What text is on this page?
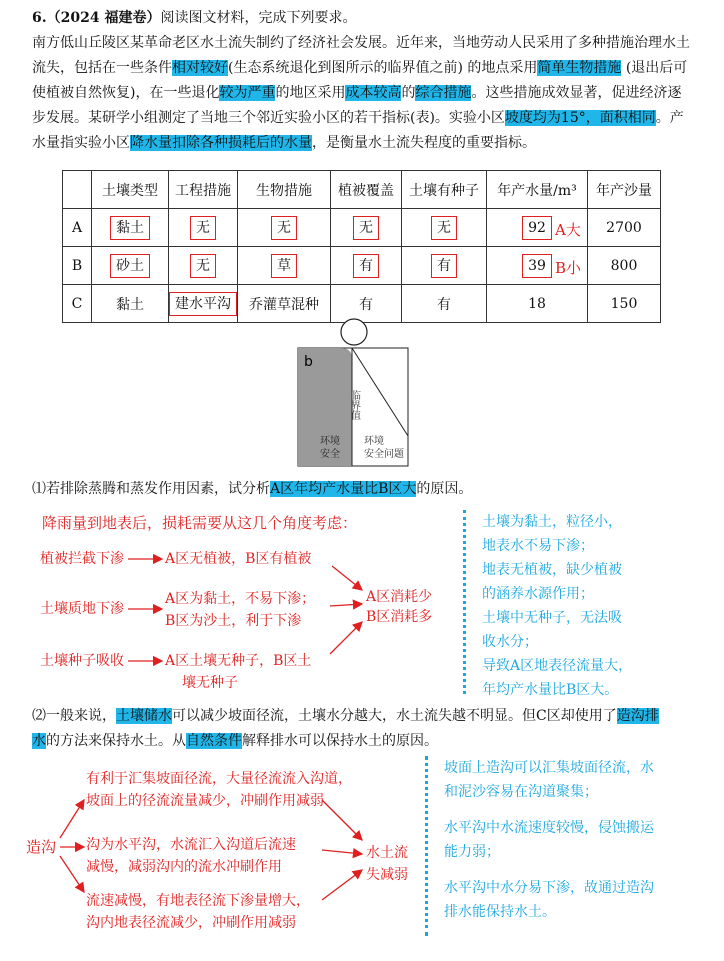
6.（2024 福建卷）阅读图文材料，完成下列要求。
南方低山丘陵区某革命老区水土流失制约了经济社会发展。近年来，当地劳动人民采用了多种措施治理水土
流失，包括在一些条件相对较好(生态系统退化到图所示的临界值之前) 的地点采用简单生物措施 (退出后可
使植被自然恢复)，在一些退化较为严重的地区采用成本较高的综合措施。这些措施成效显著，促进经济逐
步发展。某研学小组测定了当地三个邻近实验小区的若干指标(表)。实验小区坡度均为15°，面积相同。产
水量指实验小区降水量扣除各种损耗后的水量，是衡量水土流失程度的重要指标。
	土壤类型	工程措施	生物措施	植被覆盖	土壤有种子	年产水量/m³	年产沙量
A	黏土	无	无	无	无	92 A大	2700
B	砂土	无	草	有	有	39 B小	800
C	黏土	建水平沟	乔灌草混种	有	有	18	150
b
临界值
环境安全
环境安全问题
⑴若排除蒸腾和蒸发作用因素，试分析A区年均产水量比B区大的原因。
降雨量到地表后，损耗需要从这几个角度考虑：
植被拦截下渗	A区无植被，B区有植被
土壤质地下渗
A区为黏土，不易下渗；
B区为沙土，利于下渗
土壤种子吸收	A区土壤无种子，B区土
壤无种子
A区消耗少
B区消耗多
土壤为黏土，粒径小，
地表水不易下渗；
地表无植被，缺少植被
的涵养水源作用；
土壤中无种子，无法吸
收水分；
导致A区地表径流量大，
年均产水量比B区大。
⑵一般来说，土壤储水可以减少坡面径流，土壤水分越大，水土流失越不明显。但C区却使用了造沟排
水的方法来保持水土。从自然条件解释排水可以保持水土的原因。
造沟
有利于汇集坡面径流，大量径流流入沟道，
坡面上的径流流量减少，冲刷作用减弱
沟为水平沟，水流汇入沟道后流速
减慢，减弱沟内的流水冲刷作用
流速减慢，有地表径流下渗量增大，
沟内地表径流减少，冲刷作用减弱
水土流
失减弱
坡面上造沟可以汇集坡面径流，水
和泥沙容易在沟道聚集；
水平沟中水流速度较慢，侵蚀搬运
能力弱；
水平沟中水分易下渗，故通过造沟
排水能保持水土。
